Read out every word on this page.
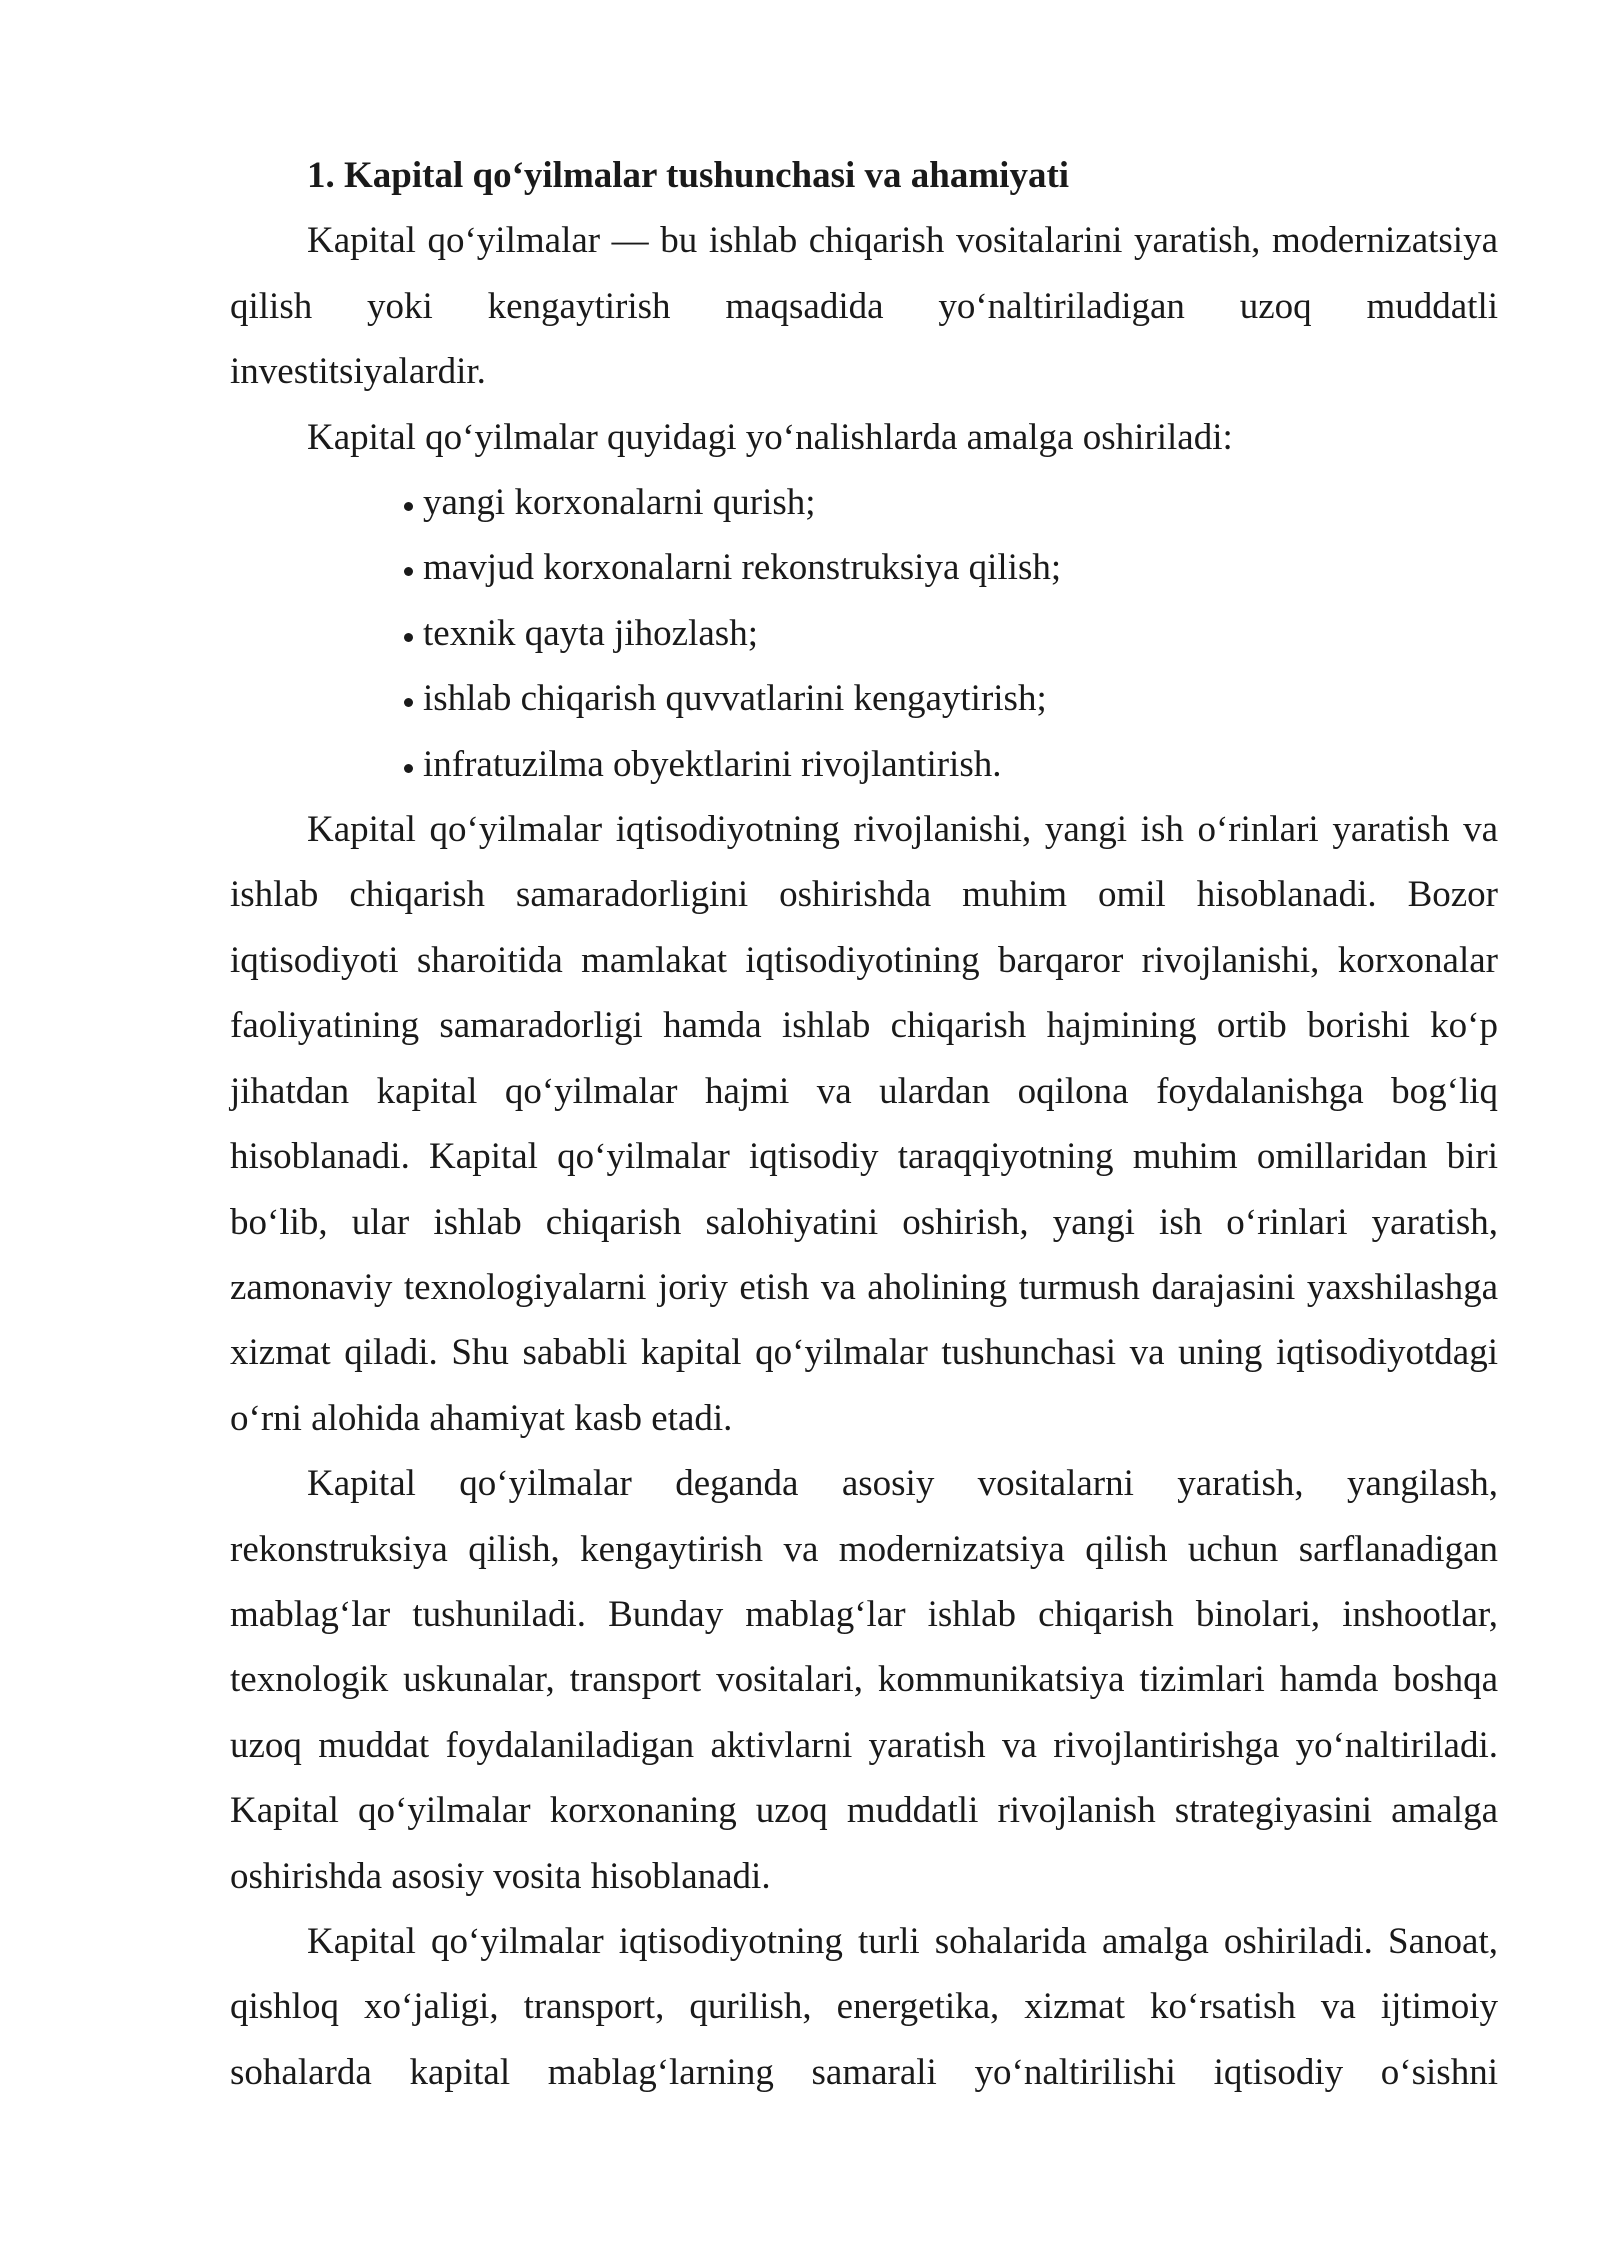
1. Kapital qo‘yilmalar tushunchasi va ahamiyati
Kapital qo‘yilmalar — bu ishlab chiqarish vositalarini yaratish, modernizatsiya
qilish yoki kengaytirish maqsadida yo‘naltiriladigan uzoq muddatli
investitsiyalardir.
Kapital qo‘yilmalar quyidagi yo‘nalishlarda amalga oshiriladi:
yangi korxonalarni qurish;
mavjud korxonalarni rekonstruksiya qilish;
texnik qayta jihozlash;
ishlab chiqarish quvvatlarini kengaytirish;
infratuzilma obyektlarini rivojlantirish.
Kapital qo‘yilmalar iqtisodiyotning rivojlanishi, yangi ish o‘rinlari yaratish va
ishlab chiqarish samaradorligini oshirishda muhim omil hisoblanadi. Bozor
iqtisodiyoti sharoitida mamlakat iqtisodiyotining barqaror rivojlanishi, korxonalar
faoliyatining samaradorligi hamda ishlab chiqarish hajmining ortib borishi ko‘p
jihatdan kapital qo‘yilmalar hajmi va ulardan oqilona foydalanishga bog‘liq
hisoblanadi. Kapital qo‘yilmalar iqtisodiy taraqqiyotning muhim omillaridan biri
bo‘lib, ular ishlab chiqarish salohiyatini oshirish, yangi ish o‘rinlari yaratish,
zamonaviy texnologiyalarni joriy etish va aholining turmush darajasini yaxshilashga
xizmat qiladi. Shu sababli kapital qo‘yilmalar tushunchasi va uning iqtisodiyotdagi
o‘rni alohida ahamiyat kasb etadi.
Kapital qo‘yilmalar deganda asosiy vositalarni yaratish, yangilash,
rekonstruksiya qilish, kengaytirish va modernizatsiya qilish uchun sarflanadigan
mablag‘lar tushuniladi. Bunday mablag‘lar ishlab chiqarish binolari, inshootlar,
texnologik uskunalar, transport vositalari, kommunikatsiya tizimlari hamda boshqa
uzoq muddat foydalaniladigan aktivlarni yaratish va rivojlantirishga yo‘naltiriladi.
Kapital qo‘yilmalar korxonaning uzoq muddatli rivojlanish strategiyasini amalga
oshirishda asosiy vosita hisoblanadi.
Kapital qo‘yilmalar iqtisodiyotning turli sohalarida amalga oshiriladi. Sanoat,
qishloq xo‘jaligi, transport, qurilish, energetika, xizmat ko‘rsatish va ijtimoiy
sohalarda kapital mablag‘larning samarali yo‘naltirilishi iqtisodiy o‘sishni
